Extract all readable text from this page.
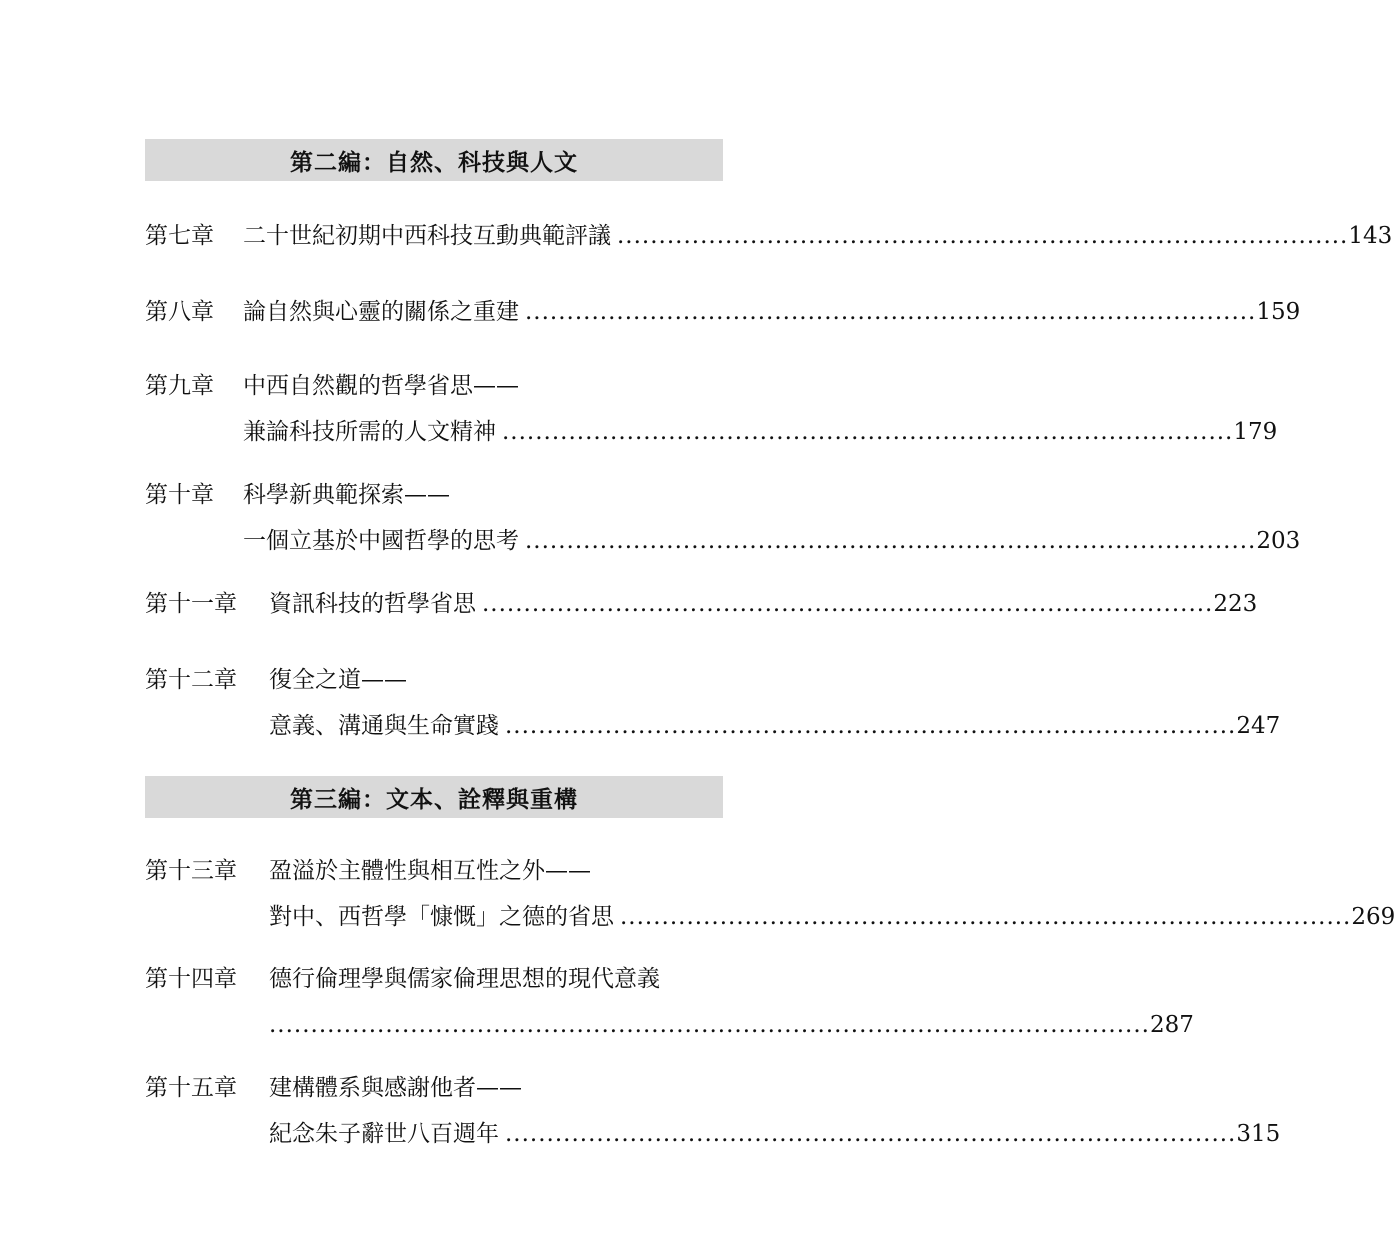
第二編：自然、科技與人文
第七章 二十世紀初期中西科技互動典範評議 ........................................................................................ 143
第八章 論自然與心靈的關係之重建 ........................................................................................ 159
第九章 中西自然觀的哲學省思——
兼論科技所需的人文精神 ........................................................................................ 179
第十章 科學新典範探索——
一個立基於中國哲學的思考 ........................................................................................ 203
第十一章 資訊科技的哲學省思 ........................................................................................ 223
第十二章 復全之道——
意義、溝通與生命實踐 ........................................................................................ 247
第三編：文本、詮釋與重構
第十三章 盈溢於主體性與相互性之外——
對中、西哲學「慷慨」之德的省思 ........................................................................................ 269
第十四章 德行倫理學與儒家倫理思想的現代意義
.......................................................................................................... 287
第十五章 建構體系與感謝他者——
紀念朱子辭世八百週年 ........................................................................................ 315
